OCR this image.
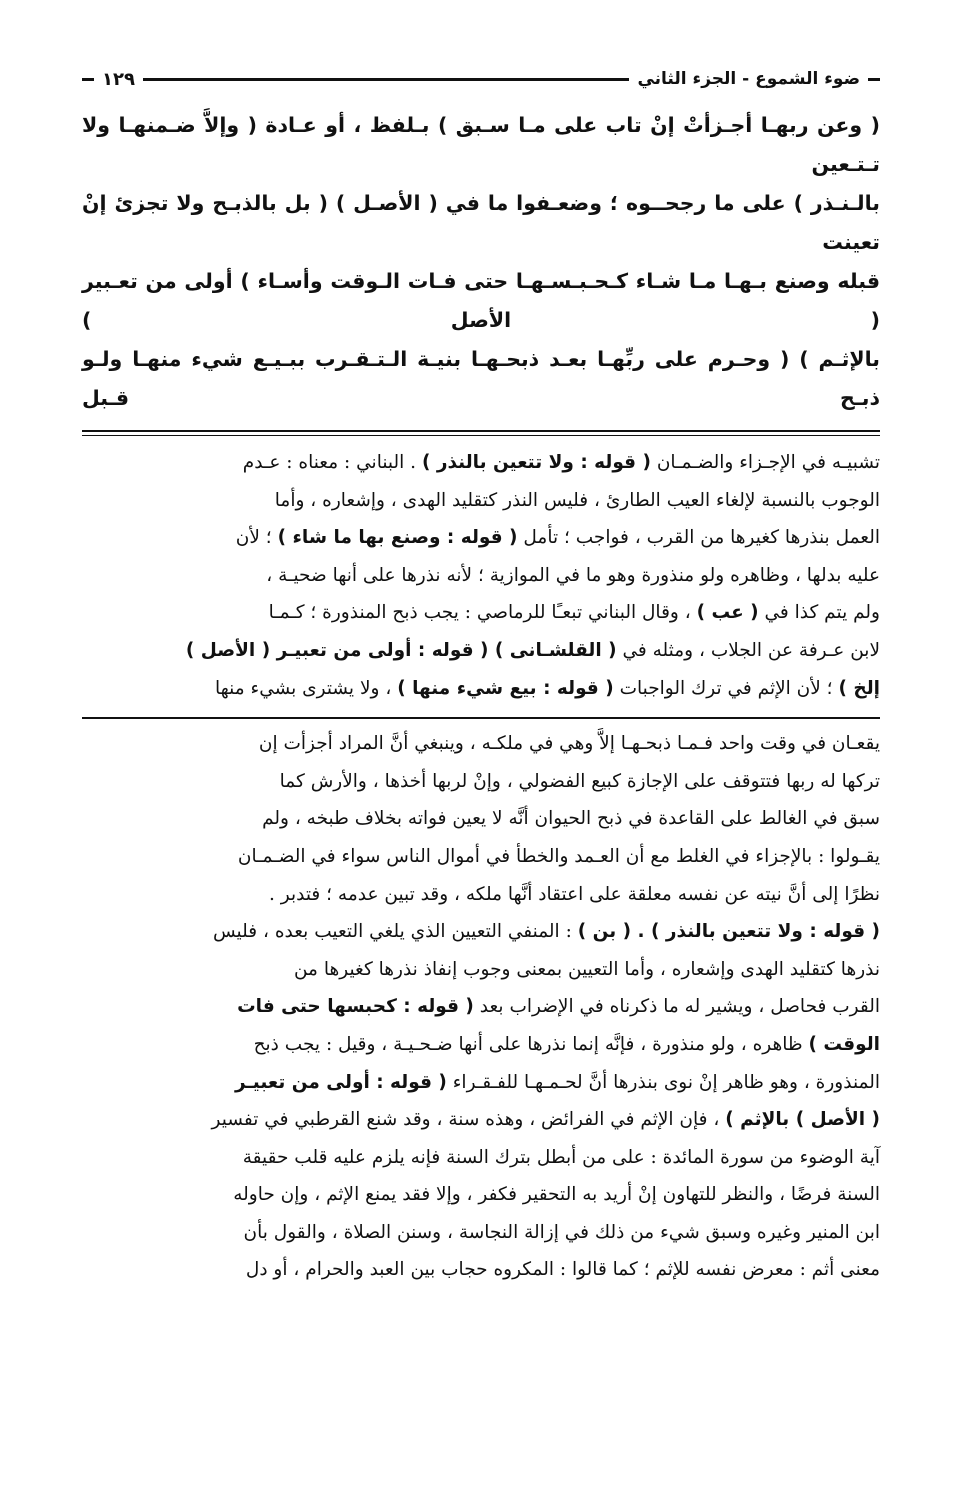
ضوء الشموع - الجزء الثاني
١٢٩

( وعن ربهـا أجـزأتْ إنْ تاب على مـا سـبق ) بـلفظ ، أو عـادة ( وإلاَّ ضـمنهـا ولا تـتـعين

بالـنـذر ) على ما رجحــوه ؛ وضعـفوا ما في ( الأصـل ) ( بل بالذبـح ولا تجزئ إنْ تعينت

قبله وصنع بـهـا مـا شـاء كـحـبـسـهـا حتى فـات الـوقت وأسـاء ) أولى من تعـبير ( الأصل )

بالإثـم ) ( وحـرم على ربِّهـا بعـد ذبحـهـا بنيـة الـتـقـرب ببـيـع شيء منهـا ولـو ذبـح قـبل

تشبيـه في الإجـزاء والضـمـان ( قوله : ولا تتعين بالنذر ) . البناني : معناه : عـدم

الوجوب بالنسبة لإلغاء العيب الطارئ ، فليس النذر كتقليد الهدى ، وإشعاره ، وأما

العمل بنذرها كغيرها من القرب ، فواجب ؛ تأمل ( قوله : وصنع بها ما شاء ) ؛ لأن

عليه بدلها ، وظاهره ولو منذورة وهو ما في الموازية ؛ لأنه نذرها على أنها ضحيـة ،

ولم يتم كذا في ( عب ) ، وقال البناني تبعـًا للرماصي : يجب ذبح المنذورة ؛ كـمـا

لابن عـرفة عن الجلاب ، ومثله في ( القلشـانى ) ( قوله : أولى من تعبيـر ( الأصل )

إلخ ) ؛ لأن الإثم في ترك الواجبات ( قوله : بيع شيء منها ) ، ولا يشترى بشيء منها

يقعـان في وقت واحد فـمـا ذبحـهـا إلاَّ وهي في ملكـه ، وينبغي أنَّ المراد أجزأت إن

تركها له ربها فتتوقف على الإجازة كبيع الفضولي ، وإنْ لربها أخذها ، والأرش كما

سبق في الغالط على القاعدة في ذبح الحيوان أنَّه لا يعين فواته بخلاف طبخه ، ولم

يقـولوا : بالإجزاء في الغلط مع أن العـمد والخطأ في أموال الناس سواء في الضـمـان

نظرًا إلى أنَّ نيته عن نفسه معلقة على اعتقاد أنَّها ملكه ، وقد تبين عدمه ؛ فتدبر .

( قوله : ولا تتعين بالنذر ) . ( بن ) : المنفي التعيين الذي يلغي التعيب بعده ، فليس

نذرها كتقليد الهدى وإشعاره ، وأما التعيين بمعنى وجوب إنفاذ نذرها كغيرها من

القرب فحاصل ، ويشير له ما ذكرناه في الإضراب بعد ( قوله : كحبسها حتى فات

الوقت ) ظاهره ، ولو منذورة ، فإنَّه إنما نذرها على أنها ضـحـيـة ، وقيل : يجب ذبح

المنذورة ، وهو ظاهر إنْ نوى بنذرها أنَّ لحـمـهـا للفـقـراء ( قوله : أولى من تعبيـر

( الأصل ) بالإثم ) ، فإن الإثم في الفرائض ، وهذه سنة ، وقد شنع القرطبي في تفسير

آية الوضوء من سورة المائدة : على من أبطل بترك السنة فإنه يلزم عليه قلب حقيقة

السنة فرضًا ، والنظر للتهاون إنْ أريد به التحقير فكفر ، وإلا فقد يمنع الإثم ، وإن حاوله

ابن المنير وغيره وسبق شيء من ذلك في إزالة النجاسة ، وسنن الصلاة ، والقول بأن

معنى أثم : معرض نفسه للإثم ؛ كما قالوا : المكروه حجاب بين العبد والحرام ، أو دل
